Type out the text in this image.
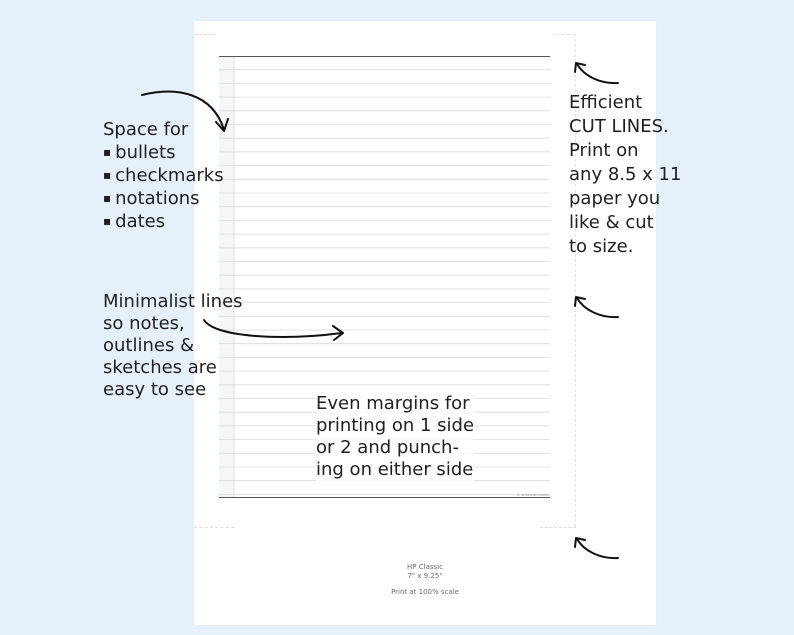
© DANANDTONIC
Space for
▪ bullets
▪ checkmarks
▪ notations
▪ dates
Minimalist lines
so notes,
outlines &
sketches are
easy to see
Even margins for
printing on 1 side
or 2 and punch-
ing on either side
Efficient
CUT LINES.
Print on
any 8.5 x 11
paper you
like & cut
to size.
HP Classic
7" x 9.25"
Print at 100% scale
